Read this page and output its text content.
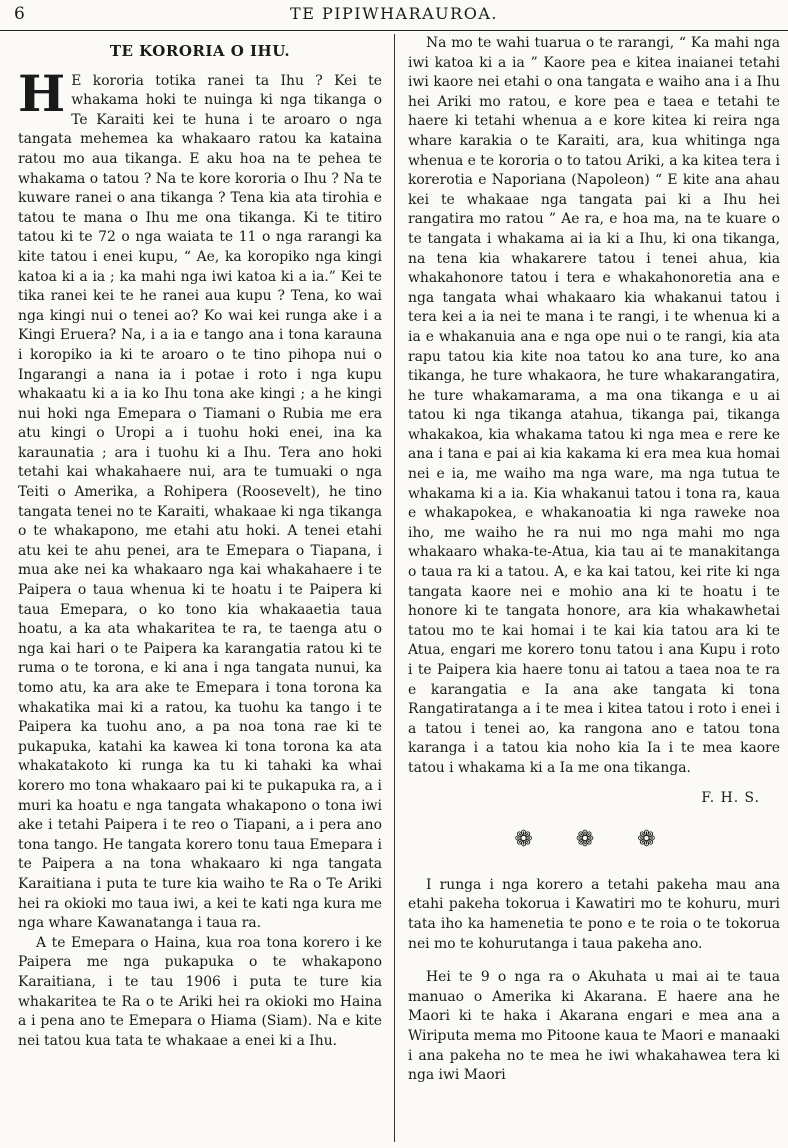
6	TE PIPIWHARAUROA.
TE KORORIA O IHU.

H E kororia totika ranei ta Ihu ? Kei te whakama hoki te nuinga ki nga tikanga o Te Karaiti kei te huna i te aroaro o nga tangata mehemea ka whakaaro ratou ka kataina ratou mo aua tikanga. E aku hoa na te pehea te whakama o tatou ? Na te kore kororia o Ihu ? Na te kuware ranei o ana tikanga ? Tena kia ata tirohia e tatou te mana o Ihu me ona tikanga. Ki te titiro tatou ki te 72 o nga waiata te 11 o nga rarangi ka kite tatou i enei kupu, “ Ae, ka koropiko nga kingi katoa ki a ia ; ka mahi nga iwi katoa ki a ia.” Kei te tika ranei kei te he ranei aua kupu ? Tena, ko wai nga kingi nui o tenei ao? Ko wai kei runga ake i a Kingi Eruera? Na, i a ia e tango ana i tona karauna i koropiko ia ki te aroaro o te tino pihopa nui o Ingarangi a nana ia i potae i roto i nga kupu whakaatu ki a ia ko Ihu tona ake kingi ; a he kingi nui hoki nga Emepara o Tiamani o Rubia me era atu kingi o Uropi a i tuohu hoki enei, ina ka karaunatia ; ara i tuohu ki a Ihu. Tera ano hoki tetahi kai whakahaere nui, ara te tumuaki o nga Teiti o Amerika, a Rohipera (Roosevelt), he tino tangata tenei no te Karaiti, whakaae ki nga tikanga o te whakapono, me etahi atu hoki. A tenei etahi atu kei te ahu penei, ara te Emepara o Tiapana, i mua ake nei ka whakaaro nga kai whakahaere i te Paipera o taua whenua ki te hoatu i te Paipera ki taua Emepara, o ko tono kia whakaaetia taua hoatu, a ka ata whakaritea te ra, te taenga atu o nga kai hari o te Paipera ka karangatia ratou ki te ruma o te torona, e ki ana i nga tangata nunui, ka tomo atu, ka ara ake te Emepara i tona torona ka whakatika mai ki a ratou, ka tuohu ka tango i te Paipera ka tuohu ano, a pa noa tona rae ki te pukapuka, katahi ka kawea ki tona torona ka ata whakatakoto ki runga ka tu ki tahaki ka whai korero mo tona whakaaro pai ki te pukapuka ra, a i muri ka hoatu e nga tangata whakapono o tona iwi ake i tetahi Paipera i te reo o Tiapani, a i pera ano tona tango. He tangata korero tonu taua Emepara i te Paipera a na tona whakaaro ki nga tangata Karaitiana i puta te ture kia waiho te Ra o Te Ariki hei ra okioki mo taua iwi, a kei te kati nga kura me nga whare Kawanatanga i taua ra.

A te Emepara o Haina, kua roa tona korero i ke Paipera me nga pukapuka o te whakapono Karaitiana, i te tau 1906 i puta te ture kia whakaritea te Ra o te Ariki hei ra okioki mo Haina a i pena ano te Emepara o Hiama (Siam). Na e kite nei tatou kua tata te whakaae a enei ki a Ihu.

Na mo te wahi tuarua o te rarangi, “ Ka mahi nga iwi katoa ki a ia ” Kaore pea e kitea inaianei tetahi iwi kaore nei etahi o ona tangata e waiho ana i a Ihu hei Ariki mo ratou, e kore pea e taea e tetahi te haere ki tetahi whenua a e kore kitea ki reira nga whare karakia o te Karaiti, ara, kua whitinga nga whenua e te kororia o to tatou Ariki, a ka kitea tera i korerotia e Naporiana (Napoleon) “ E kite ana ahau kei te whakaae nga tangata pai ki a Ihu hei rangatira mo ratou ” Ae ra, e hoa ma, na te kuare o te tangata i whakama ai ia ki a Ihu, ki ona tikanga, na tena kia whakarere tatou i tenei ahua, kia whakahonore tatou i tera e whakahonoretia ana e nga tangata whai whakaaro kia whakanui tatou i tera kei a ia nei te mana i te rangi, i te whenua ki a ia e whakanuia ana e nga ope nui o te rangi, kia ata rapu tatou kia kite noa tatou ko ana ture, ko ana tikanga, he ture whakaora, he ture whakarangatira, he ture whakamarama, a ma ona tikanga e u ai tatou ki nga tikanga atahua, tikanga pai, tikanga whakakoa, kia whakama tatou ki nga mea e rere ke ana i tana e pai ai kia kakama ki era mea kua homai nei e ia, me waiho ma nga ware, ma nga tutua te whakama ki a ia. Kia whakanui tatou i tona ra, kaua e whakapokea, e whakanoatia ki nga raweke noa iho, me waiho he ra nui mo nga mahi mo nga whakaaro whaka-te-Atua, kia tau ai te manakitanga o taua ra ki a tatou. A, e ka kai tatou, kei rite ki nga tangata kaore nei e mohio ana ki te hoatu i te honore ki te tangata honore, ara kia whakawhetai tatou mo te kai homai i te kai kia tatou ara ki te Atua, engari me korero tonu tatou i ana Kupu i roto i te Paipera kia haere tonu ai tatou a taea noa te ra e karangatia e Ia ana ake tangata ki tona Rangatiratanga a i te mea i kitea tatou i roto i enei i a tatou i tenei ao, ka rangona ano e tatou tona karanga i a tatou kia noho kia Ia i te mea kaore tatou i whakama ki a Ia me ona tikanga.

F. H. S.
❁ ❁ ❁

I runga i nga korero a tetahi pakeha mau ana etahi pakeha tokorua i Kawatiri mo te kohuru, muri tata iho ka hamenetia te pono e te roia o te tokorua nei mo te kohurutanga i taua pakeha ano.

Hei te 9 o nga ra o Akuhata u mai ai te taua manuao o Amerika ki Akarana. E haere ana he Maori ki te haka i Akarana engari e mea ana a Wiriputa mema mo Pitoone kaua te Maori e manaaki i ana pakeha no te mea he iwi whakahawea tera ki nga iwi Maori
